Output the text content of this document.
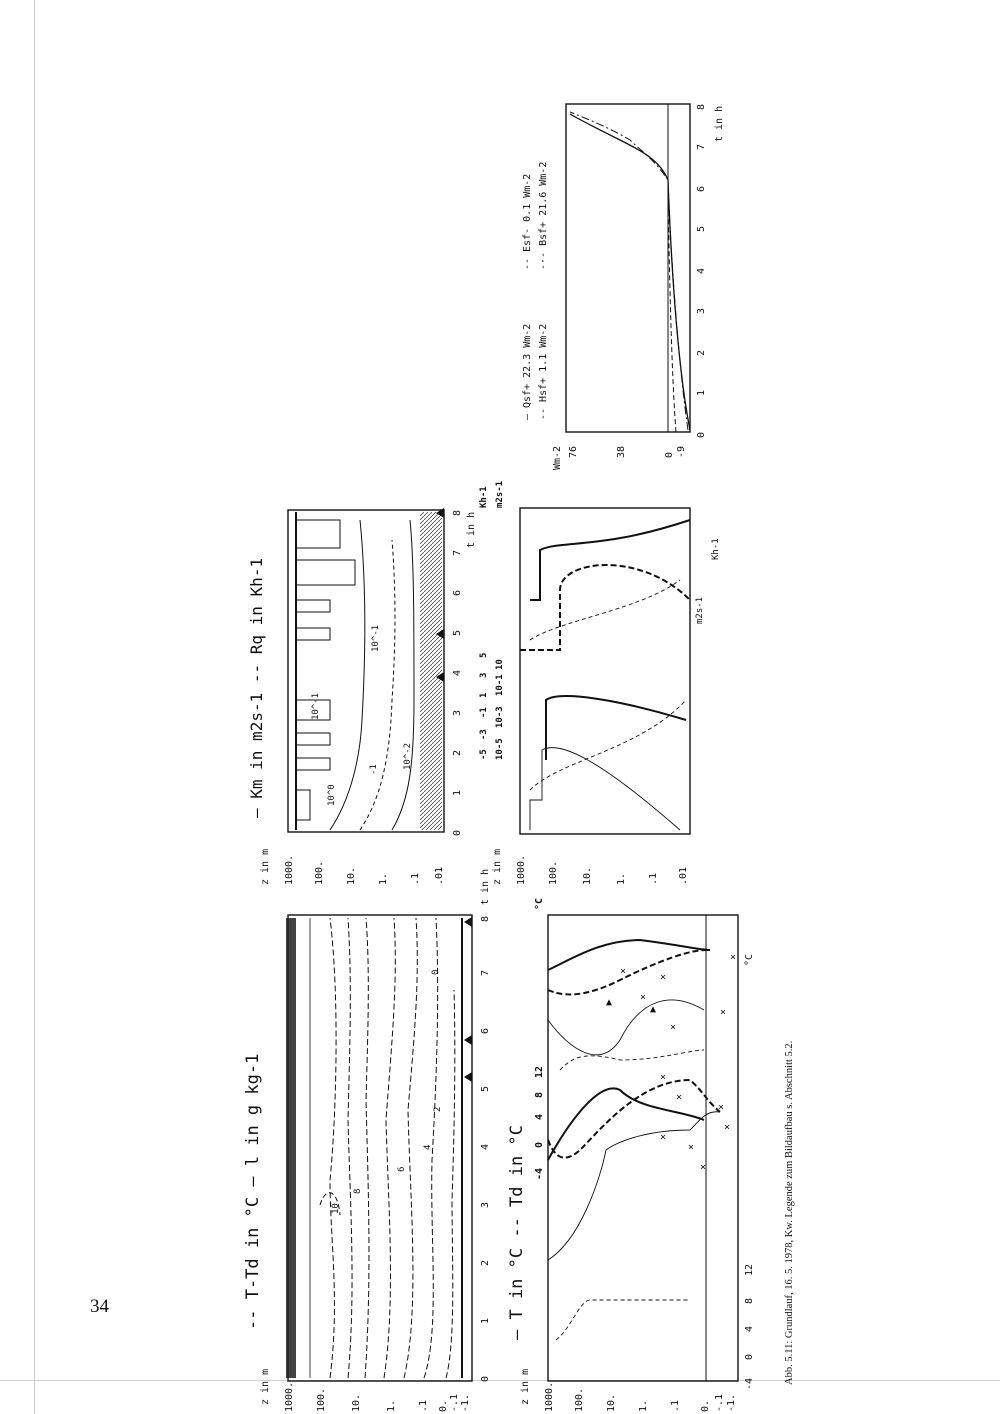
34	Abb. 5.11: Grundlauf, 16. 5. 1978, Kw. Legende zum Bildaufbau s. Abschnitt 5.2.
10
8
6
4
2
0
z in m 1000. 100. 10. 1. .1 0. -.1 -1.
0
1
2
3
4
5
6
7
8
t in h
-- T-Td in °C — l in g kg-1
10^0
10^-1
10^-1
10^-2
-1
z in m 1000. 100. 10. 1. .1 .01
0
1
2
3
4
5
6
7
8 t in h
— Km in m2s-1 -- Rq in Kh-1
×
×
×
×
×
×
×
×
×
×
×
×
×
▲
▲
z in m 1000. 100. 10. 1. .1 0. -.1 -1.
-4
0
4
8
12
°C
-4
0
4
8
12
°C
— T in °C -- Td in °C
z in m 1000. 100. 10. 1. .1 .01
-5
-3
-1
1
3
5
10-5
10-3
10-1
10
Kh-1 m2s-1
m2s-1
Kh-1
Wm-2 76	38	0 -9
0
1
2
3
4
5
6
7
8 t in h
— Qsf+ 22.3 Wm-2
-- Esf- 0.1 Wm-2
-- Hsf+ 1.1 Wm-2
-·- Bsf+ 21.6 Wm-2
